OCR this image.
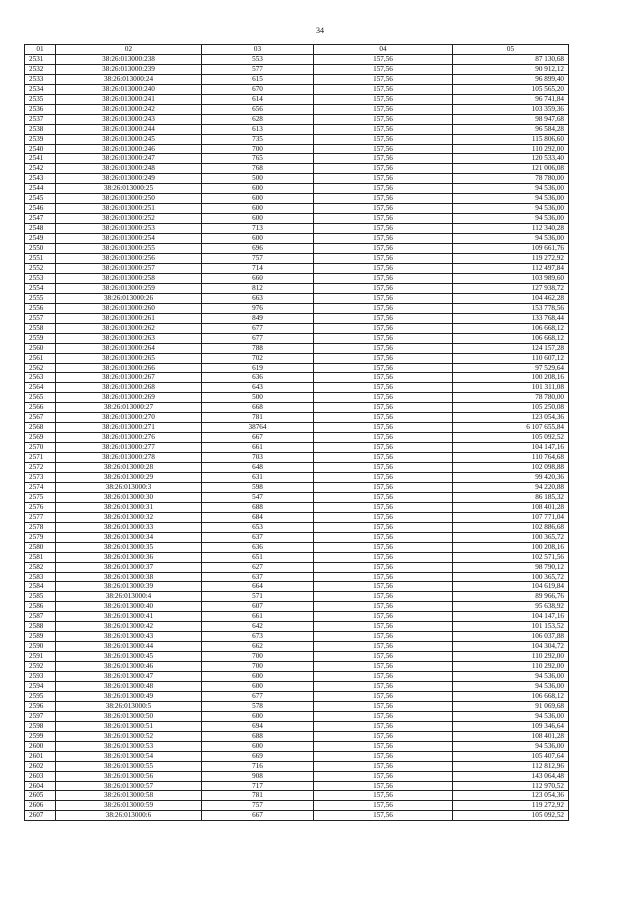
34
01	02	03	04	05
2531	38:26:013000:238	553	157,56	87 130,68
2532	38:26:013000:239	577	157,56	90 912,12
2533	38:26:013000:24	615	157,56	96 899,40
2534	38:26:013000:240	670	157,56	105 565,20
2535	38:26:013000:241	614	157,56	96 741,84
2536	38:26:013000:242	656	157,56	103 359,36
2537	38:26:013000:243	628	157,56	98 947,68
2538	38:26:013000:244	613	157,56	96 584,28
2539	38:26:013000:245	735	157,56	115 806,60
2540	38:26:013000:246	700	157,56	110 292,00
2541	38:26:013000:247	765	157,56	120 533,40
2542	38:26:013000:248	768	157,56	121 006,08
2543	38:26:013000:249	500	157,56	78 780,00
2544	38:26:013000:25	600	157,56	94 536,00
2545	38:26:013000:250	600	157,56	94 536,00
2546	38:26:013000:251	600	157,56	94 536,00
2547	38:26:013000:252	600	157,56	94 536,00
2548	38:26:013000:253	713	157,56	112 340,28
2549	38:26:013000:254	600	157,56	94 536,00
2550	38:26:013000:255	696	157,56	109 661,76
2551	38:26:013000:256	757	157,56	119 272,92
2552	38:26:013000:257	714	157,56	112 497,84
2553	38:26:013000:258	660	157,56	103 989,60
2554	38:26:013000:259	812	157,56	127 938,72
2555	38:26:013000:26	663	157,56	104 462,28
2556	38:26:013000:260	976	157,56	153 778,56
2557	38:26:013000:261	849	157,56	133 768,44
2558	38:26:013000:262	677	157,56	106 668,12
2559	38:26:013000:263	677	157,56	106 668,12
2560	38:26:013000:264	788	157,56	124 157,28
2561	38:26:013000:265	702	157,56	110 607,12
2562	38:26:013000:266	619	157,56	97 529,64
2563	38:26:013000:267	636	157,56	100 208,16
2564	38:26:013000:268	643	157,56	101 311,08
2565	38:26:013000:269	500	157,56	78 780,00
2566	38:26:013000:27	668	157,56	105 250,08
2567	38:26:013000:270	781	157,56	123 054,36
2568	38:26:013000:271	38764	157,56	6 107 655,84
2569	38:26:013000:276	667	157,56	105 092,52
2570	38:26:013000:277	661	157,56	104 147,16
2571	38:26:013000:278	703	157,56	110 764,68
2572	38:26:013000:28	648	157,56	102 098,88
2573	38:26:013000:29	631	157,56	99 420,36
2574	38:26:013000:3	598	157,56	94 220,88
2575	38:26:013000:30	547	157,56	86 185,32
2576	38:26:013000:31	688	157,56	108 401,28
2577	38:26:013000:32	684	157,56	107 771,04
2578	38:26:013000:33	653	157,56	102 886,68
2579	38:26:013000:34	637	157,56	100 365,72
2580	38:26:013000:35	636	157,56	100 208,16
2581	38:26:013000:36	651	157,56	102 571,56
2582	38:26:013000:37	627	157,56	98 790,12
2583	38:26:013000:38	637	157,56	100 365,72
2584	38:26:013000:39	664	157,56	104 619,84
2585	38:26:013000:4	571	157,56	89 966,76
2586	38:26:013000:40	607	157,56	95 638,92
2587	38:26:013000:41	661	157,56	104 147,16
2588	38:26:013000:42	642	157,56	101 153,52
2589	38:26:013000:43	673	157,56	106 037,88
2590	38:26:013000:44	662	157,56	104 304,72
2591	38:26:013000:45	700	157,56	110 292,00
2592	38:26:013000:46	700	157,56	110 292,00
2593	38:26:013000:47	600	157,56	94 536,00
2594	38:26:013000:48	600	157,56	94 536,00
2595	38:26:013000:49	677	157,56	106 668,12
2596	38:26:013000:5	578	157,56	91 069,68
2597	38:26:013000:50	600	157,56	94 536,00
2598	38:26:013000:51	694	157,56	109 346,64
2599	38:26:013000:52	688	157,56	108 401,28
2600	38:26:013000:53	600	157,56	94 536,00
2601	38:26:013000:54	669	157,56	105 407,64
2602	38:26:013000:55	716	157,56	112 812,96
2603	38:26:013000:56	908	157,56	143 064,48
2604	38:26:013000:57	717	157,56	112 970,52
2605	38:26:013000:58	781	157,56	123 054,36
2606	38:26:013000:59	757	157,56	119 272,92
2607	38:26:013000:6	667	157,56	105 092,52
